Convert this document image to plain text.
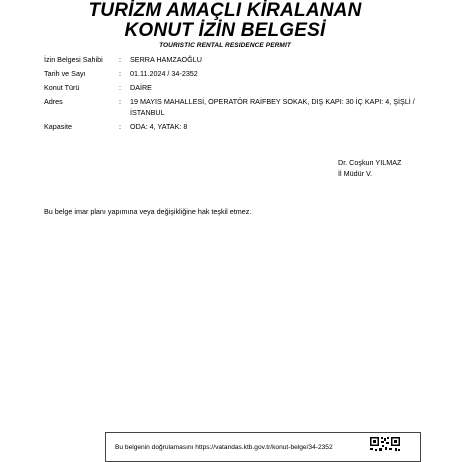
TURİZM AMAÇLI KİRALANAN

KONUT İZİN BELGESİ

TOURISTIC RENTAL RESIDENCE PERMIT

İzin Belgesi Sahibi	:	SERRA HAMZAOĞLU
Tarih ve Sayı	:	01.11.2024 / 34-2352
Konut Türü	:	DAİRE
Adres	:	19 MAYIS MAHALLESİ, OPERATÖR RAİFBEY SOKAK, DIŞ KAPI: 30 İÇ KAPI: 4, ŞİŞLİ / İSTANBUL
Kapasite	:	ODA: 4, YATAK: 8
Dr. Coşkun YILMAZ
İl Müdür V.
Bu belge imar planı yapımına veya değişikliğine hak teşkil etmez.
Bu belgenin doğrulamasını https://vatandas.ktb.gov.tr/konut-belge/34-2352
